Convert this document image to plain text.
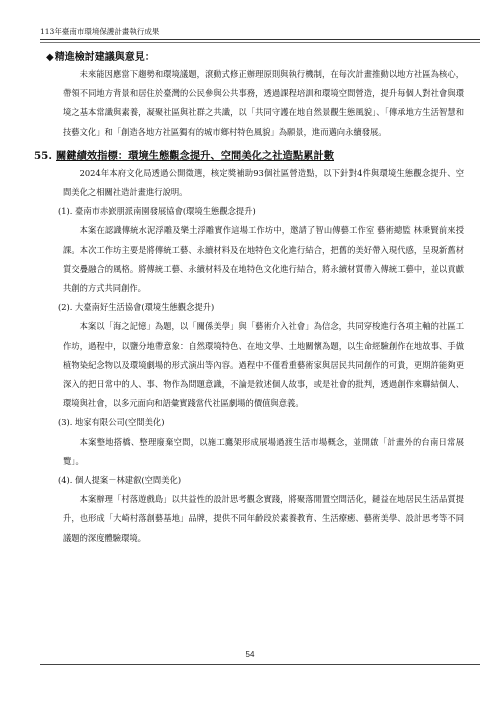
113年臺南市環境保護計畫執行成果

◆精進檢討建議與意見：

未來能因應當下趨勢和環境議題，滾動式修正辦理原則與執行機制，在每次計畫推動以地方社區為核心，帶領不同地方背景和居住於臺灣的公民參與公共事務，透過課程培訓和環境空間營造，提升每個人對社會與環境之基本常識與素養，凝聚社區與社群之共識，以「共同守護在地自然景觀生態風貌」、「傳承地方生活智慧和技藝文化」和「創造各地方社區獨有的城市鄉村特色風貌」為願景，進而邁向永續發展。

55. 關鍵績效指標：環境生態觀念提升、空間美化之社造點累計數

2024年本府文化局透過公開徵選，核定獎補助93個社區營造點，以下針對4件與環境生態觀念提升、空間美化之相關社造計畫進行說明。

(1). 臺南市赤嶔朋派南園發展協會(環境生態觀念提升)

本案在認識傳統水泥浮雕及樂土浮雕實作這場工作坊中，邀請了智山傳藝工作室 藝術總監 林秉賢前來授課。本次工作坊主要是將傳統工藝、永續材料及在地特色文化進行結合，把舊的美好帶入現代感，呈現新舊材質交疊融合的風格。將傳統工藝、永續材料及在地特色文化進行結合，將永續材質帶入傳統工藝中，並以貢獻共創的方式共同創作。

(2). 大臺南好生活協會(環境生態觀念提升)

本案以「海之記憶」為題，以「關係美學」與「藝術介入社會」為信念，共同穿梭進行各項主軸的社區工作坊，過程中，以鹽分地帶意象：自然環境特色、在地文學、土地關懷為題，以生命經驗創作在地故事、手做植物染紀念物以及環境劇場的形式演出等內容。過程中不僅看重藝術家與居民共同創作的可貴，更期許能夠更深入的把日常中的人、事、物作為問題意識，不論是敘述個人故事，或是社會的批判，透過創作來聯結個人、環境與社會，以多元面向和語彙實踐當代社區劇場的價值與意義。

(3). 地家有限公司(空間美化)

本案整地搭橋、整理廢棄空間，以施工鷹架形成展場過渡生活市場概念，並開啟「計畫外的台南日常展覽」。

(4). 個人提案－林建叡(空間美化)

本案辦理「村落遊戲島」以共益性的設計思考觀念實踐，將聚落閒置空間活化，鏈益在地居民生活品質提升，也形成「大崎村落創藝基地」品牌，提供不同年齡段於素養教育、生活療癒、藝術美學、設計思考等不同議題的深度體驗環境。

54
